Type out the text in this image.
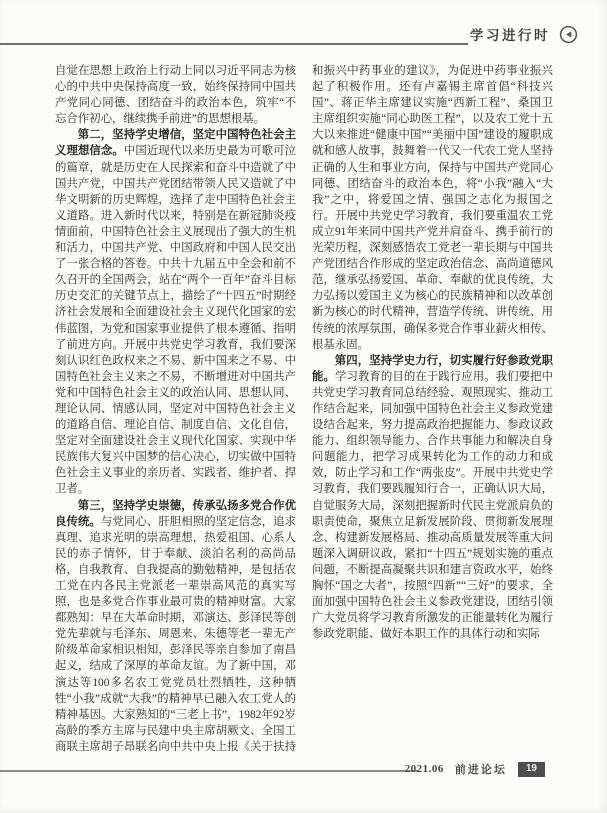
学习进行时

自觉在思想上政治上行动上同以习近平同志为核心的中共中央保持高度一致，始终保持同中国共产党同心同德、团结奋斗的政治本色，筑牢“不忘合作初心，继续携手前进”的思想根基。

第二，坚持学史增信，坚定中国特色社会主义理想信念。中国近现代以来历史最为可歌可泣的篇章，就是历史在人民探索和奋斗中造就了中国共产党，中国共产党团结带领人民又造就了中华文明新的历史辉煌，选择了走中国特色社会主义道路。进入新时代以来，特别是在新冠肺炎疫情面前，中国特色社会主义展现出了强大的生机和活力，中国共产党、中国政府和中国人民交出了一张合格的答卷。中共十九届五中全会和前不久召开的全国两会，站在“两个一百年”奋斗目标历史交汇的关键节点上，描绘了“十四五”时期经济社会发展和全面建设社会主义现代化国家的宏伟蓝图，为党和国家事业提供了根本遵循、指明了前进方向。开展中共党史学习教育，我们要深刻认识红色政权来之不易、新中国来之不易、中国特色社会主义来之不易，不断增进对中国共产党和中国特色社会主义的政治认同、思想认同、理论认同、情感认同，坚定对中国特色社会主义的道路自信、理论自信、制度自信、文化自信，坚定对全面建设社会主义现代化国家、实现中华民族伟大复兴中国梦的信心决心，切实做中国特色社会主义事业的亲历者、实践者、维护者、捍卫者。

第三，坚持学史崇德，传承弘扬多党合作优良传统。与党同心、肝胆相照的坚定信念，追求真理、追求光明的崇高理想，热爱祖国、心系人民的赤子情怀，甘于奉献、淡泊名利的高尚品格，自我教育、自我提高的勤勉精神，是包括农工党在内各民主党派老一辈崇高风范的真实写照，也是多党合作事业最可贵的精神财富。大家都熟知：早在大革命时期，邓演达、彭泽民等创党先辈就与毛泽东、周恩来、朱德等老一辈无产阶级革命家相识相知，彭泽民等亲自参加了南昌起义，结成了深厚的革命友谊。为了新中国，邓演达等100多名农工党党员壮烈牺牲，这种牺牲“小我”成就“大我”的精神早已融入农工党人的精神基因。大家熟知的“三老上书”，1982年92岁高龄的季方主席与民建中央主席胡厥文、全国工商联主席胡子昂联名向中共中央上报《关于扶持和振兴中药事业的建议》，为促进中药事业振兴起了积极作用。还有卢嘉锡主席首倡“科技兴国”、蒋正华主席建议实施“西新工程”、桑国卫主席组织实施“同心助医工程”，以及农工党十五大以来推进“健康中国”“美丽中国”建设的履职成就和感人故事，鼓舞着一代又一代农工党人坚持正确的人生和事业方向，保持与中国共产党同心同德、团结奋斗的政治本色，将“小我”融入“大我”之中，将爱国之情、强国之志化为报国之行。开展中共党史学习教育，我们要重温农工党成立91年来同中国共产党并肩奋斗、携手前行的光荣历程，深刻感悟农工党老一辈长期与中国共产党团结合作形成的坚定政治信念、高尚道德风范，继承弘扬爱国、革命、奉献的优良传统，大力弘扬以爱国主义为核心的民族精神和以改革创新为核心的时代精神，营造学传统、讲传统、用传统的浓厚氛围，确保多党合作事业薪火相传、根基永固。

第四，坚持学史力行，切实履行好参政党职能。学习教育的目的在于践行应用。我们要把中共党史学习教育同总结经验、观照现实、推动工作结合起来，同加强中国特色社会主义参政党建设结合起来，努力提高政治把握能力、参政议政能力、组织领导能力、合作共事能力和解决自身问题能力，把学习成果转化为工作的动力和成效，防止学习和工作“两张皮”。开展中共党史学习教育，我们要践履知行合一，正确认识大局，自觉服务大局，深刻把握新时代民主党派肩负的职责使命，聚焦立足新发展阶段、贯彻新发展理念、构建新发展格局、推动高质量发展等重大问题深入调研议政，紧扣“十四五”规划实施的重点问题，不断提高凝聚共识和建言资政水平，始终胸怀“国之大者”，按照“四新”“三好”的要求，全面加强中国特色社会主义参政党建设，团结引领广大党员将学习教育所激发的正能量转化为履行参政党职能、做好本职工作的具体行动和实际

2021.06 前进论坛	19
